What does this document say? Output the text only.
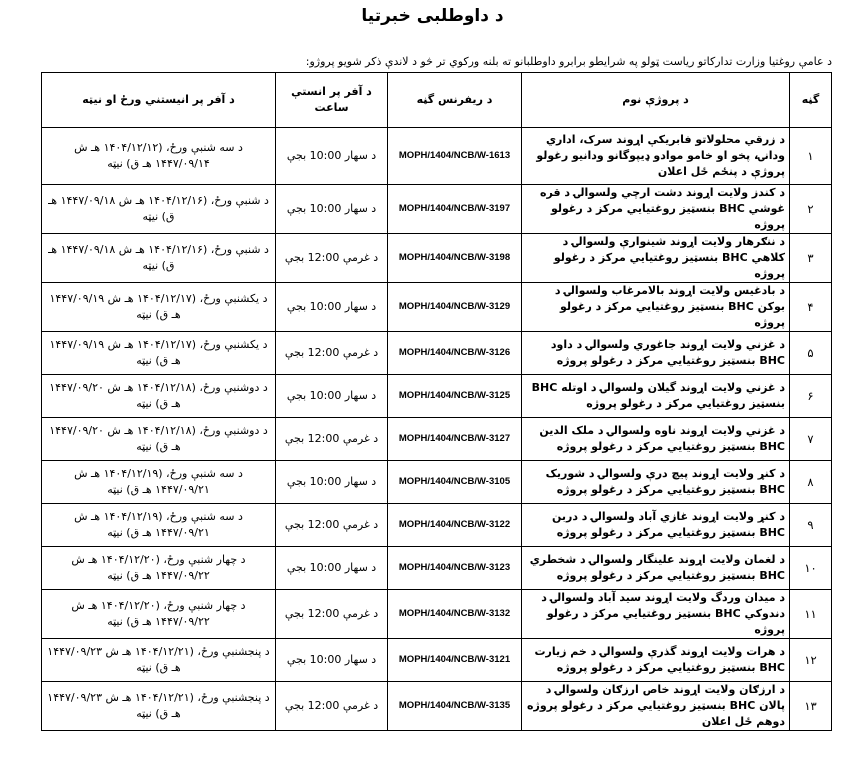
د داوطلبی خبرتیا
د عامې روغتیا وزارت تدارکاتو ریاست ټولو په شرایطو برابرو داوطلبانو ته بلنه ورکوي تر څو د لاندې ذکر شویو پروژو:
گڼه	د پروژې نوم	د ریفرنس گڼه	د آفر پر انستې ساعت	د آفر پر انیستني ورځ او نیټه
۱	د زرقي محلولاتو فابریکې اړوند سرک، اداري ودانۍ، پخو او خامو موادو ډیپوگانو ودانیو رغولو پروژې د پنځم ځل اعلان	MOPH/1404/NCB/W-1613	د سهار 10:00 بجې	د سه شنبې ورځ، (۱۴۰۴/۱۲/۱۲ هـ ش ۱۴۴۷/۰۹/۱۴ هـ ق) نیټه
۲	د کندز ولایت اړوند دشت ارچي ولسوالۍ د قره غوشي BHC بنسټیز روغتیایي مرکز د رغولو پروژه	MOPH/1404/NCB/W-3197	د سهار 10:00 بجې	د شنبې ورځ، (۱۴۰۴/۱۲/۱۶ هـ ش ۱۴۴۷/۰۹/۱۸ هـ ق) نیټه
۳	د ننګرهار ولایت اړوند شینوارې ولسوالۍ د کلاهي BHC بنسټیز روغتیایي مرکز د رغولو پروژه	MOPH/1404/NCB/W-3198	د غرمې 12:00 بجې	د شنبې ورځ، (۱۴۰۴/۱۲/۱۶ هـ ش ۱۴۴۷/۰۹/۱۸ هـ ق) نیټه
۴	د بادغیس ولایت اړوند بالامرغاب ولسوالۍ د بوکن BHC بنسټیز روغتیایي مرکز د رغولو پروژه	MOPH/1404/NCB/W-3129	د سهار 10:00 بجې	د یکشنبې ورځ، (۱۴۰۴/۱۲/۱۷ هـ ش ۱۴۴۷/۰۹/۱۹ هـ ق) نیټه
۵	د غزني ولایت اړوند جاغوري ولسوالۍ د داود BHC بنسټیز روغتیایي مرکز د رغولو پروژه	MOPH/1404/NCB/W-3126	د غرمې 12:00 بجې	د یکشنبې ورځ، (۱۴۰۴/۱۲/۱۷ هـ ش ۱۴۴۷/۰۹/۱۹ هـ ق) نیټه
۶	د غزني ولایت اړوند گیلان ولسوالۍ د اوتله BHC بنسټیز روغتیایي مرکز د رغولو پروژه	MOPH/1404/NCB/W-3125	د سهار 10:00 بجې	د دوشنبې ورځ، (۱۴۰۴/۱۲/۱۸ هـ ش ۱۴۴۷/۰۹/۲۰ هـ ق) نیټه
۷	د غزني ولایت اړوند ناوه ولسوالۍ د ملک الدین BHC بنسټیز روغتیایي مرکز د رغولو پروژه	MOPH/1404/NCB/W-3127	د غرمې 12:00 بجې	د دوشنبې ورځ، (۱۴۰۴/۱۲/۱۸ هـ ش ۱۴۴۷/۰۹/۲۰ هـ ق) نیټه
۸	د کنړ ولایت اړوند پیچ درې ولسوالۍ د شوریک BHC بنسټیز روغتیایي مرکز د رغولو پروژه	MOPH/1404/NCB/W-3105	د سهار 10:00 بجې	د سه شنبې ورځ، (۱۴۰۴/۱۲/۱۹ هـ ش ۱۴۴۷/۰۹/۲۱ هـ ق) نیټه
۹	د کنړ ولایت اړوند غازي آباد ولسوالۍ د دربن BHC بنسټیز روغتیایي مرکز د رغولو پروژه	MOPH/1404/NCB/W-3122	د غرمې 12:00 بجې	د سه شنبې ورځ، (۱۴۰۴/۱۲/۱۹ هـ ش ۱۴۴۷/۰۹/۲۱ هـ ق) نیټه
۱۰	د لغمان ولایت اړوند علینگار ولسوالۍ د شخطري BHC بنسټیز روغتیایي مرکز د رغولو پروژه	MOPH/1404/NCB/W-3123	د سهار 10:00 بجې	د چهار شنبې ورځ، (۱۴۰۴/۱۲/۲۰ هـ ش ۱۴۴۷/۰۹/۲۲ هـ ق) نیټه
۱۱	د میدان وردگ ولایت اړوند سید آباد ولسوالۍ د دندوکي BHC بنسټیز روغتیایي مرکز د رغولو پروژه	MOPH/1404/NCB/W-3132	د غرمې 12:00 بجې	د چهار شنبې ورځ، (۱۴۰۴/۱۲/۲۰ هـ ش ۱۴۴۷/۰۹/۲۲ هـ ق) نیټه
۱۲	د هرات ولایت اړوند گذرې ولسوالۍ د خم زیارت BHC بنسټیز روغتیایي مرکز د رغولو پروژه	MOPH/1404/NCB/W-3121	د سهار 10:00 بجې	د پنجشنبې ورځ، (۱۴۰۴/۱۲/۲۱ هـ ش ۱۴۴۷/۰۹/۲۳ هـ ق) نیټه
۱۳	د ارزګان ولایت اړوند خاص ارزګان ولسوالۍ د پالان BHC بنسټیز روغتیایي مرکز د رغولو پروژه دوهم ځل اعلان	MOPH/1404/NCB/W-3135	د غرمې 12:00 بجې	د پنجشنبې ورځ، (۱۴۰۴/۱۲/۲۱ هـ ش ۱۴۴۷/۰۹/۲۳ هـ ق) نیټه
